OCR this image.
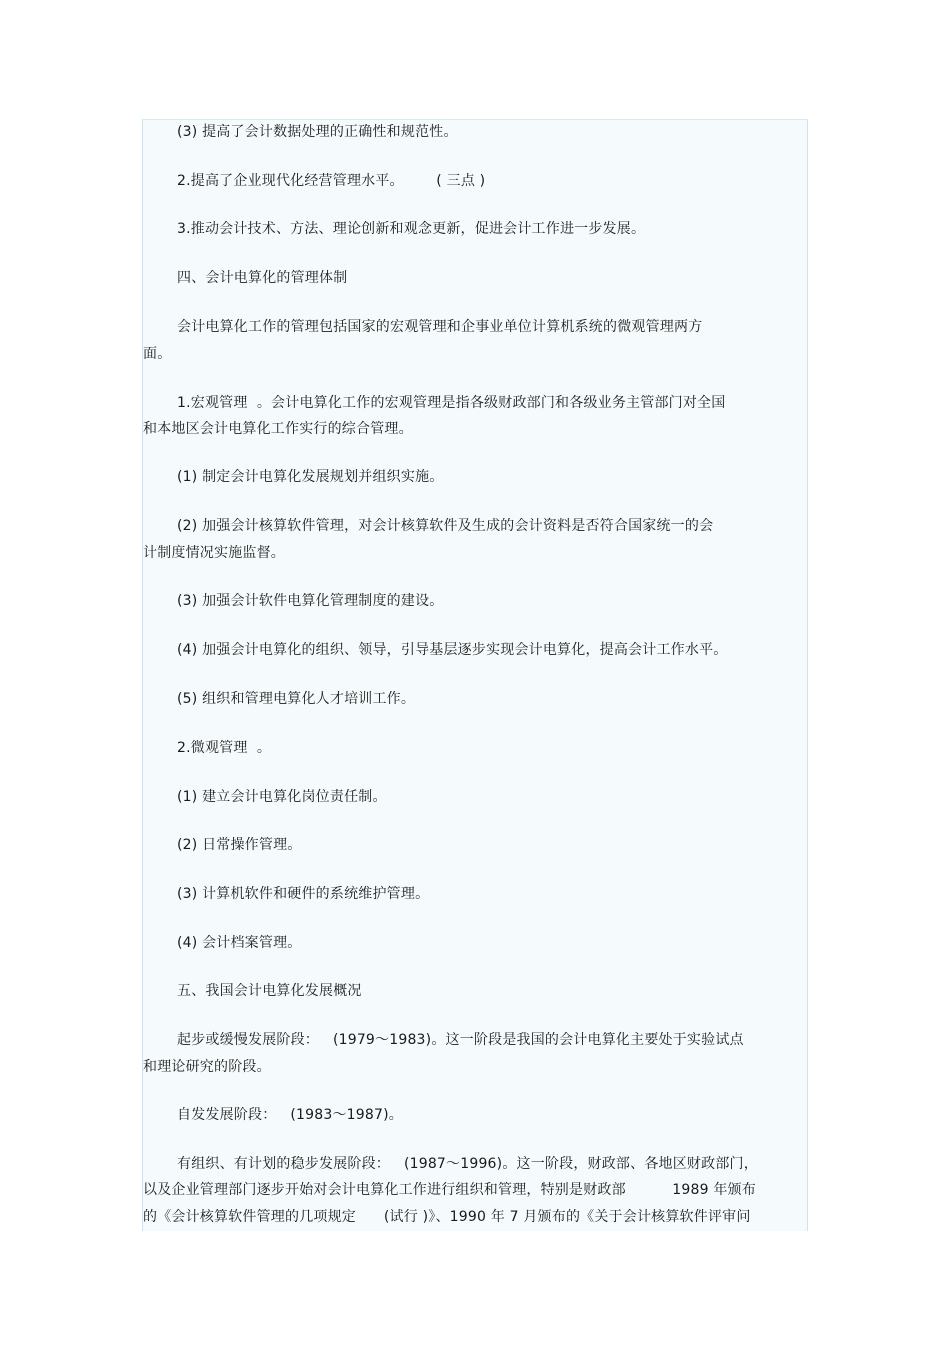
(3) 提高了会计数据处理的正确性和规范性。

2.提高了企业现代化经营管理水平。       ( 三点 )

3.推动会计技术、方法、理论创新和观念更新，促进会计工作进一步发展。

四、会计电算化的管理体制

会计电算化工作的管理包括国家的宏观管理和企事业单位计算机系统的微观管理两方

面。

1.宏观管理  。会计电算化工作的宏观管理是指各级财政部门和各级业务主管部门对全国

和本地区会计电算化工作实行的综合管理。

(1) 制定会计电算化发展规划并组织实施。

(2) 加强会计核算软件管理，对会计核算软件及生成的会计资料是否符合国家统一的会

计制度情况实施监督。

(3) 加强会计软件电算化管理制度的建设。

(4) 加强会计电算化的组织、领导，引导基层逐步实现会计电算化，提高会计工作水平。

(5) 组织和管理电算化人才培训工作。

2.微观管理  。

(1) 建立会计电算化岗位责任制。

(2) 日常操作管理。

(3) 计算机软件和硬件的系统维护管理。

(4) 会计档案管理。

五、我国会计电算化发展概况

起步或缓慢发展阶段：   (1979～1983)。这一阶段是我国的会计电算化主要处于实验试点

和理论研究的阶段。

自发发展阶段：   (1983～1987)。

有组织、有计划的稳步发展阶段：   (1987～1996)。这一阶段，财政部、各地区财政部门，

以及企业管理部门逐步开始对会计电算化工作进行组织和管理，特别是财政部          1989 年颁布

的《会计核算软件管理的几项规定      (试行 )》、1990 年 7 月颁布的《关于会计核算软件评审问
